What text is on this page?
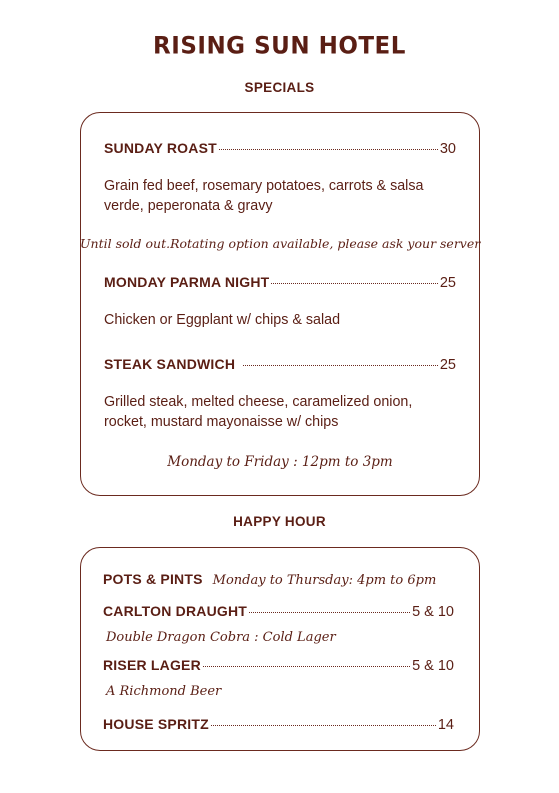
RISING SUN HOTEL
SPECIALS
SUNDAY ROAST	30
Grain fed beef, rosemary potatoes, carrots & salsa
verde, peperonata & gravy
Until sold out.Rotating option available, please ask your server
MONDAY PARMA NIGHT	25
Chicken or Eggplant w/ chips & salad
STEAK SANDWICH	25
Grilled steak, melted cheese, caramelized onion,
rocket, mustard mayonaisse w/ chips
Monday to Friday : 12pm to 3pm
HAPPY HOUR
POTS & PINTS Monday to Thursday: 4pm to 6pm
CARLTON DRAUGHT	5 & 10
Double Dragon Cobra : Cold Lager
RISER LAGER	5 & 10
A Richmond Beer
HOUSE SPRITZ	14
